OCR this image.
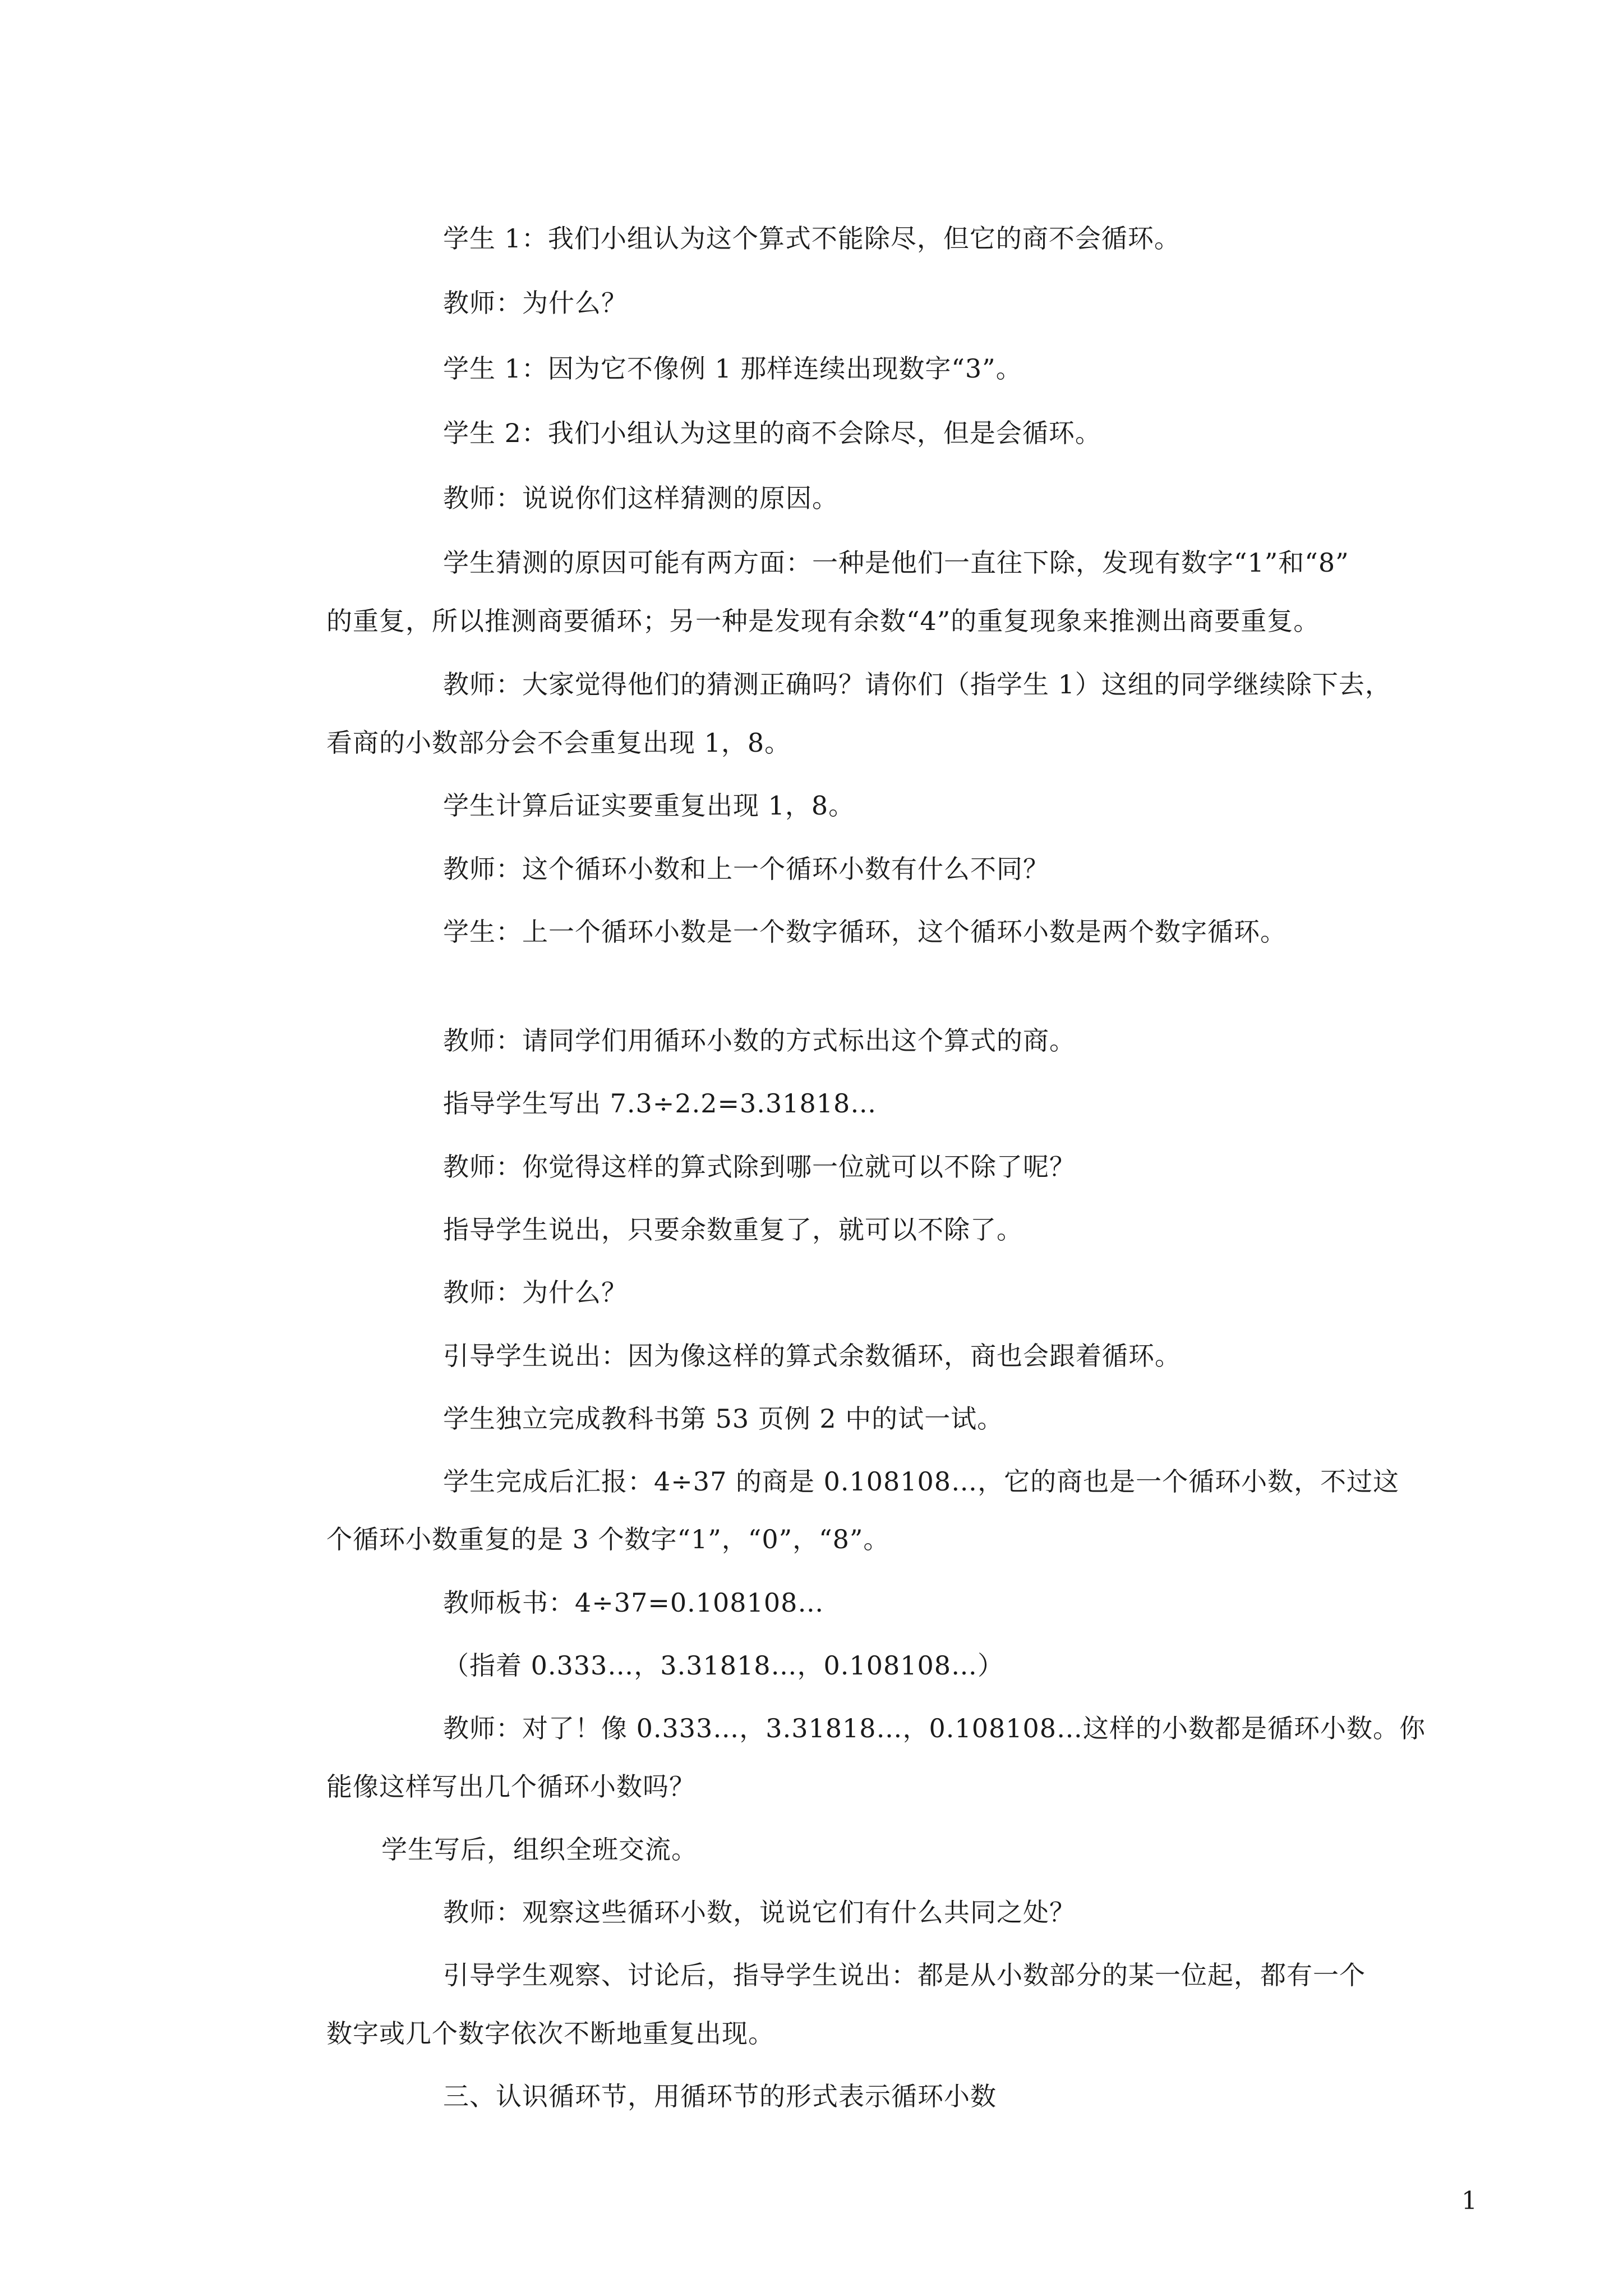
学生 1：我们小组认为这个算式不能除尽，但它的商不会循环。
教师：为什么？
学生 1：因为它不像例 1 那样连续出现数字“3”。
学生 2：我们小组认为这里的商不会除尽，但是会循环。
教师：说说你们这样猜测的原因。
学生猜测的原因可能有两方面：一种是他们一直往下除，发现有数字“1”和“8”
的重复，所以推测商要循环；另一种是发现有余数“4”的重复现象来推测出商要重复。
教师：大家觉得他们的猜测正确吗？请你们（指学生 1）这组的同学继续除下去，
看商的小数部分会不会重复出现 1，8。
学生计算后证实要重复出现 1，8。
教师：这个循环小数和上一个循环小数有什么不同？
学生：上一个循环小数是一个数字循环，这个循环小数是两个数字循环。
教师：请同学们用循环小数的方式标出这个算式的商。
指导学生写出 7.3÷2.2=3.31818…
教师：你觉得这样的算式除到哪一位就可以不除了呢？
指导学生说出，只要余数重复了，就可以不除了。
教师：为什么？
引导学生说出：因为像这样的算式余数循环，商也会跟着循环。
学生独立完成教科书第 53 页例 2 中的试一试。
学生完成后汇报：4÷37 的商是 0.108108…，它的商也是一个循环小数，不过这
个循环小数重复的是 3 个数字“1”，“0”，“8”。
教师板书：4÷37=0.108108…
（指着 0.333…，3.31818…，0.108108…）
教师：对了！像 0.333…，3.31818…，0.108108…这样的小数都是循环小数。你
能像这样写出几个循环小数吗？
学生写后，组织全班交流。
教师：观察这些循环小数，说说它们有什么共同之处？
引导学生观察、讨论后，指导学生说出：都是从小数部分的某一位起，都有一个
数字或几个数字依次不断地重复出现。
三、认识循环节，用循环节的形式表示循环小数
1
